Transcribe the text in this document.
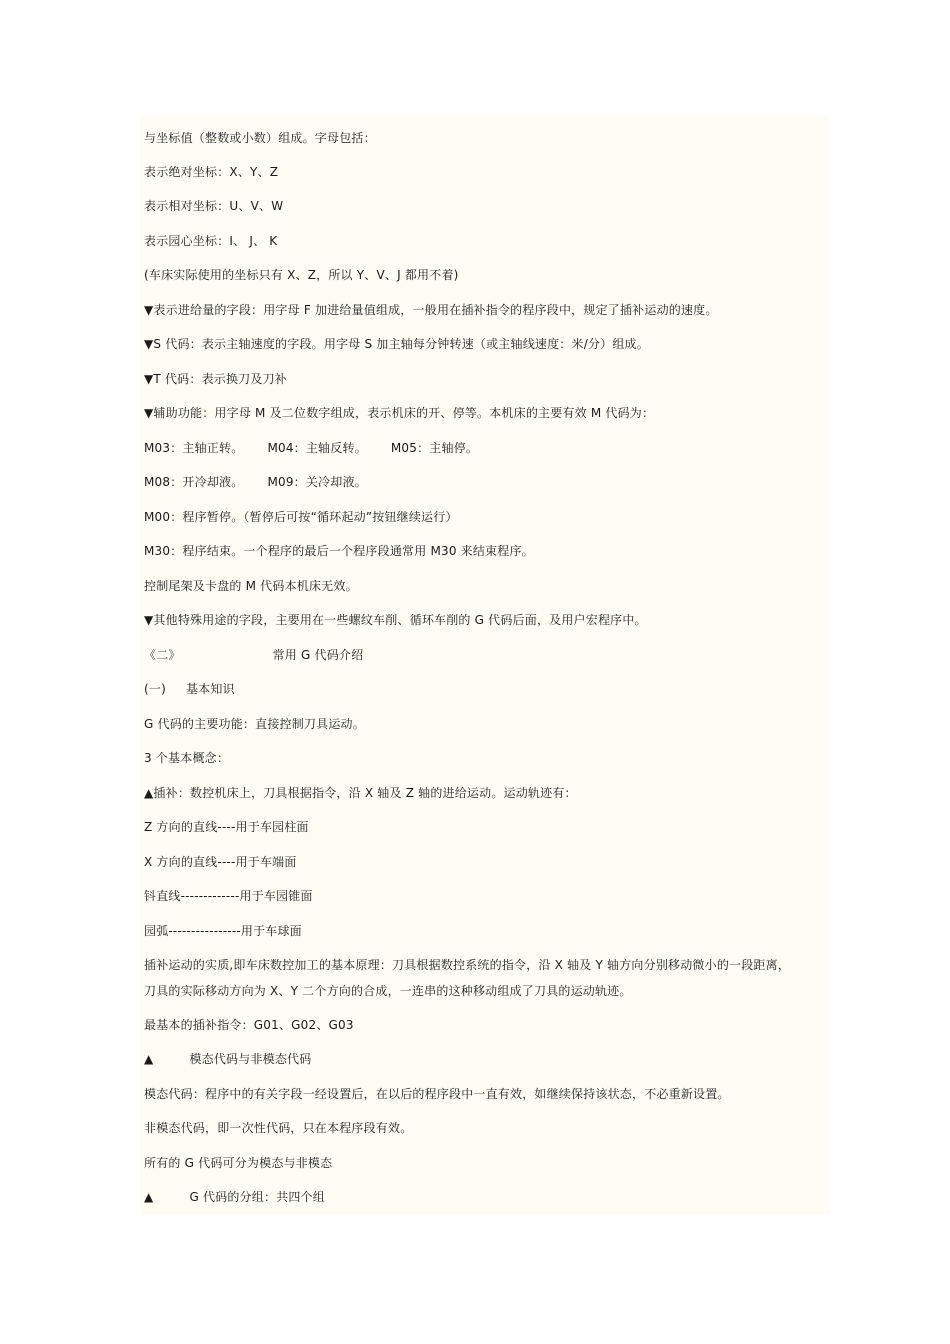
与坐标值（整数或小数）组成。字母包括：
表示绝对坐标：X、Y、Z
表示相对坐标：U、V、W
表示园心坐标：I、 J、 K
(车床实际使用的坐标只有 X、Z，所以 Y、V、J 都用不着)
▼表示进给量的字段：用字母 F 加进给量值组成，一般用在插补指令的程序段中，规定了插补运动的速度。
▼S 代码：表示主轴速度的字段。用字母 S 加主轴每分钟转速（或主轴线速度：米/分）组成。
▼T 代码：表示换刀及刀补
▼辅助功能：用字母 M 及二位数字组成，表示机床的开、停等。本机床的主要有效 M 代码为：
M03：主轴正转。 M04：主轴反转。 M05：主轴停。
M08：开冷却液。 M09：关冷却液。
M00：程序暂停。（暂停后可按“循环起动”按钮继续运行）
M30：程序结束。一个程序的最后一个程序段通常用 M30 来结束程序。
控制尾架及卡盘的 M 代码本机床无效。
▼其他特殊用途的字段，主要用在一些螺纹车削、循环车削的 G 代码后面，及用户宏程序中。
《二》	常用 G 代码介绍
(一) 基本知识
G 代码的主要功能：直接控制刀具运动。
3 个基本概念：
▲插补：数控机床上，刀具根据指令，沿 X 轴及 Z 轴的进给运动。运动轨迹有：
Z 方向的直线----用于车园柱面
X 方向的直线----用于车端面
钭直线-------------用于车园锥面
园弧----------------用于车球面
插补运动的实质,即车床数控加工的基本原理：刀具根据数控系统的指令，沿 X 轴及 Y 轴方向分别移动微小的一段距离，
刀具的实际移动方向为 X、Y 二个方向的合成，一连串的这种移动组成了刀具的运动轨迹。
最基本的插补指令：G01、G02、G03
▲	模态代码与非模态代码
模态代码：程序中的有关字段一经设置后，在以后的程序段中一直有效，如继续保持该状态，不必重新设置。
非模态代码，即一次性代码，只在本程序段有效。
所有的 G 代码可分为模态与非模态
▲	G 代码的分组：共四个组
